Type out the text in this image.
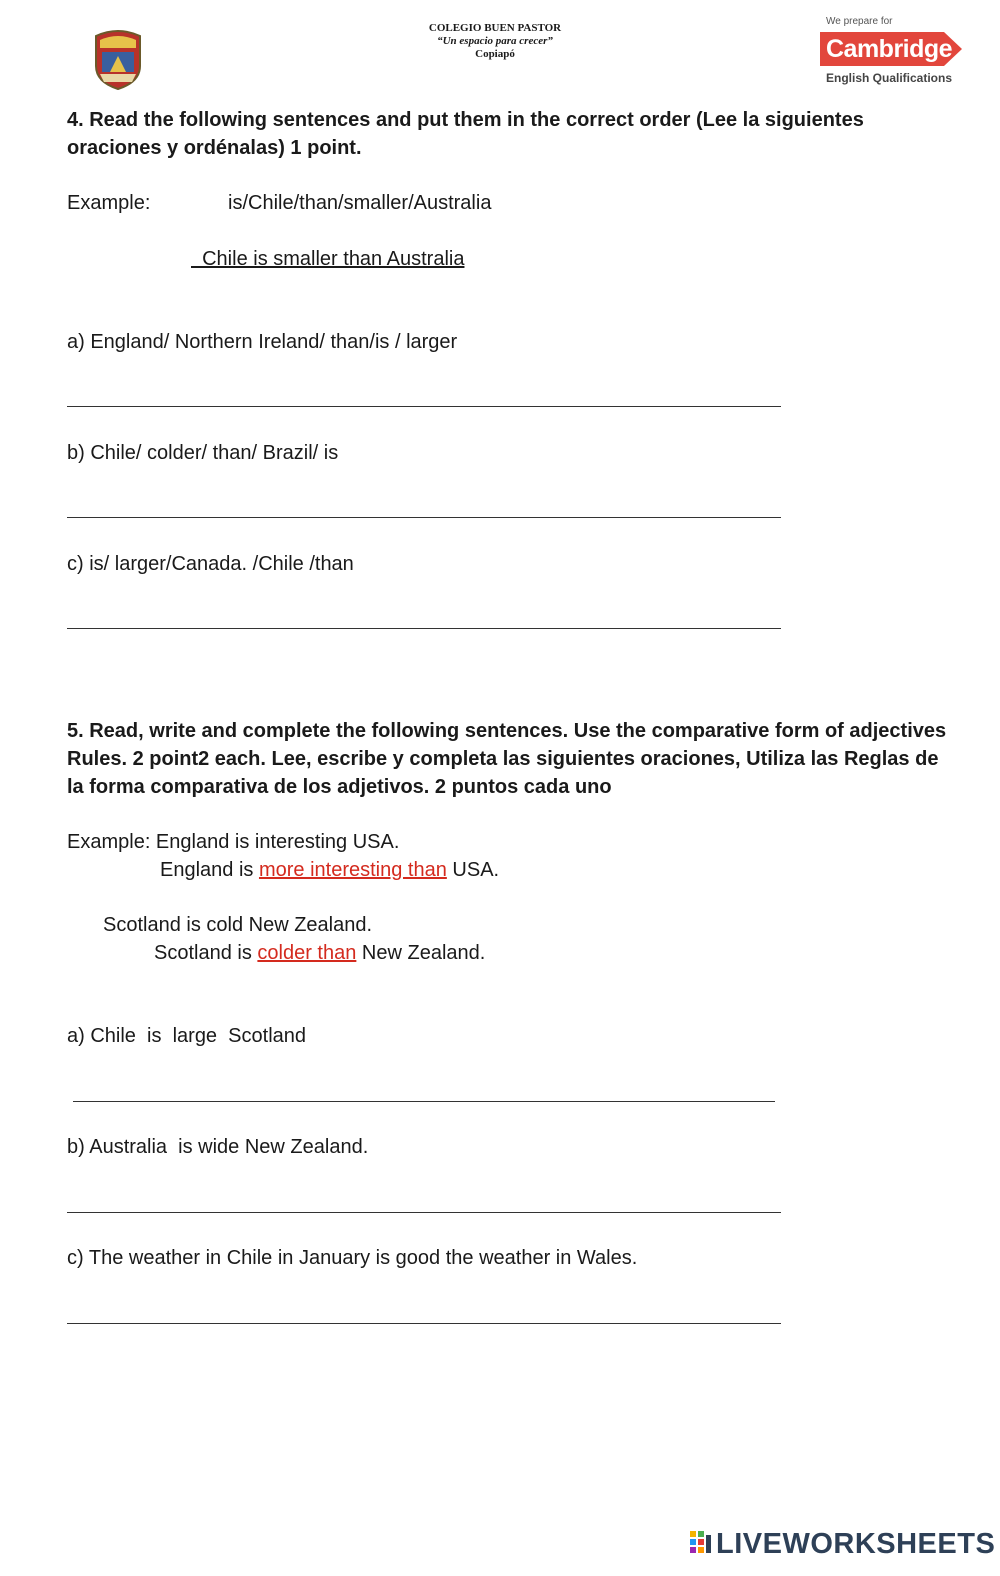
COLEGIO BUEN PASTOR
“Un espacio para crecer”
Copiapó
We prepare for
Cambridge
English Qualifications
4. Read the following sentences and put them in the correct order (Lee la siguientes
oraciones y ordénalas) 1 point.
Example:	is/Chile/than/smaller/Australia
Chile is smaller than Australia
a) England/ Northern Ireland/ than/is / larger
b) Chile/ colder/ than/ Brazil/ is
c) is/ larger/Canada. /Chile /than
5. Read, write and complete the following sentences. Use the comparative form of adjectives
Rules. 2 point2 each. Lee, escribe y completa las siguientes oraciones, Utiliza las Reglas de
la forma comparativa de los adjetivos. 2 puntos cada uno
Example: England is interesting USA.
England is more interesting than USA.
Scotland is cold New Zealand.
Scotland is colder than New Zealand.
a) Chile  is  large  Scotland
b) Australia  is wide New Zealand.
c) The weather in Chile in January is good the weather in Wales.
LIVEWORKSHEETS
